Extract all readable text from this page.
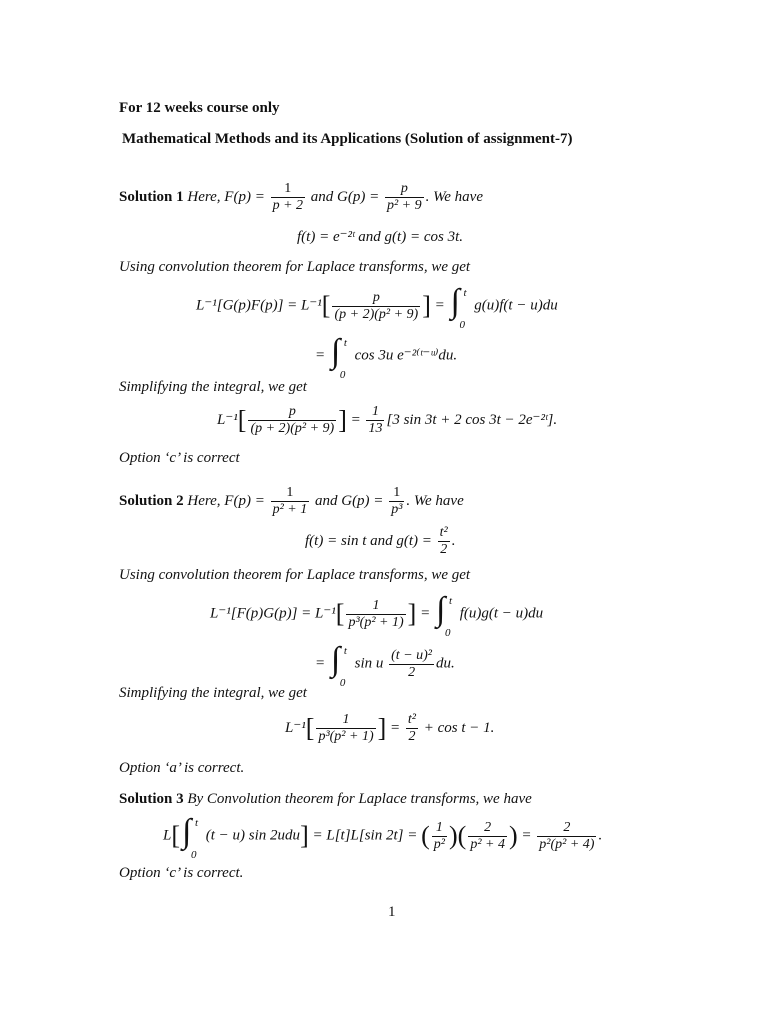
For 12 weeks course only
Mathematical Methods and its Applications (Solution of assignment-7)
Solution 1 Here, $F(p) = \frac{1}{p + 2}$ and $G(p) = \frac{p}{\text{p² + 9}}$ . We have
f(t) = e⁻²ᵗ and g(t) = cos 3t.
Using convolution theorem for Laplace transforms, we get
$L^{-1}[G(p)F(p)] = L^{-1}[ \frac{p}{\text{(p + 2)(p² + 9)}}$ ] = ∫ t
0
g(u)f(t − u)du
= ∫ t
0
cos 3u e⁻²⁽ᵗ⁻ᵘ⁾du.
Simplifying the integral, we get
$L^{-1}[ \frac{p}{\text{(p + 2)(p² + 9)}}$ ] = $\frac{1}{13} [3$ sin 3t + 2 cos 3t − 2e⁻²ᵗ].
Option ‘c’ is correct
Solution 2 Here, $F(p) = \frac{1}{\text{p² + 1}}$ and $G(p) = \frac{1}{\text{p³}}$ . We have
f(t) = sin t and $g(t) = \frac{\text{t²}}{2}$ .
Using convolution theorem for Laplace transforms, we get
$L^{-1}[F(p)G(p)] = L^{-1}[ \frac{1}{\text{p³(p² + 1)}}$ ] = ∫ t
0
f(u)g(t − u)du
= ∫ t
0
sin u $\frac{\text{(t − u)²}}{2}$ du.
Simplifying the integral, we get
$L^{-1}[ \frac{1}{\text{p³(p² + 1)}}$ ] = $\frac{\text{t²}}{2} + \cos t - 1$.
Option ‘a’ is correct.
Solution 3 By Convolution theorem for Laplace transforms, we have
L[ ∫ t
0
(t − u) sin 2udu] = L[t]L[sin 2t] = ( $\frac{1}{\text{p²}}$ )( $\frac{2}{\text{p² + 4}}$ ) = $\frac{2}{\text{p²(p² + 4)}}$ .
Option ‘c’ is correct.
1
